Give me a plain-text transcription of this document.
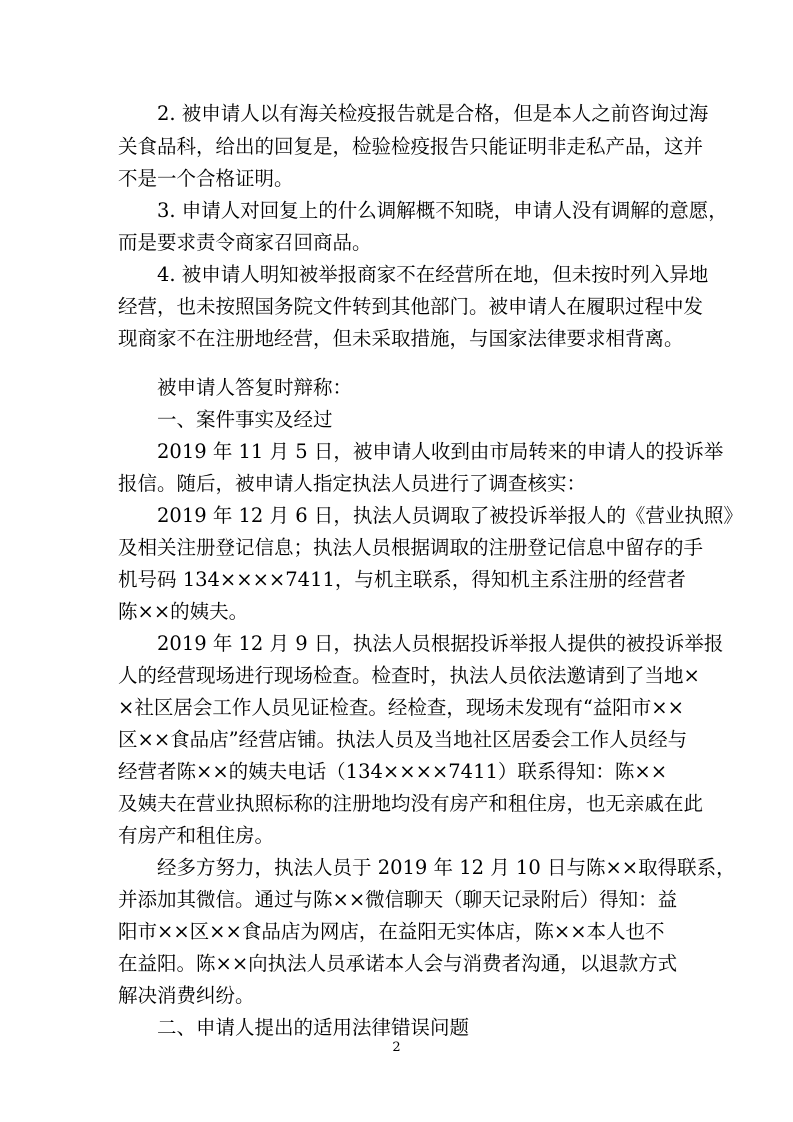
　　2. 被申请人以有海关检疫报告就是合格，但是本人之前咨询过海
关食品科，给出的回复是，检验检疫报告只能证明非走私产品，这并
不是一个合格证明。
　　3. 申请人对回复上的什么调解概不知晓，申请人没有调解的意愿，
而是要求责令商家召回商品。
　　4. 被申请人明知被举报商家不在经营所在地，但未按时列入异地
经营，也未按照国务院文件转到其他部门。被申请人在履职过程中发
现商家不在注册地经营，但未采取措施，与国家法律要求相背离。
　　被申请人答复时辩称：
　　一、案件事实及经过
　　2019 年 11 月 5 日，被申请人收到由市局转来的申请人的投诉举
报信。随后，被申请人指定执法人员进行了调查核实：
　　2019 年 12 月 6 日，执法人员调取了被投诉举报人的《营业执照》
及相关注册登记信息；执法人员根据调取的注册登记信息中留存的手
机号码 134××××7411，与机主联系，得知机主系注册的经营者
陈××的姨夫。
　　2019 年 12 月 9 日，执法人员根据投诉举报人提供的被投诉举报
人的经营现场进行现场检查。检查时，执法人员依法邀请到了当地×
×社区居会工作人员见证检查。经检查，现场未发现有“益阳市××
区××食品店”经营店铺。执法人员及当地社区居委会工作人员经与
经营者陈××的姨夫电话（134××××7411）联系得知：陈××
及姨夫在营业执照标称的注册地均没有房产和租住房，也无亲戚在此
有房产和租住房。
　　经多方努力，执法人员于 2019 年 12 月 10 日与陈××取得联系，
并添加其微信。通过与陈××微信聊天（聊天记录附后）得知：益
阳市××区××食品店为网店，在益阳无实体店，陈××本人也不
在益阳。陈××向执法人员承诺本人会与消费者沟通，以退款方式
解决消费纠纷。
　　二、申请人提出的适用法律错误问题
2
